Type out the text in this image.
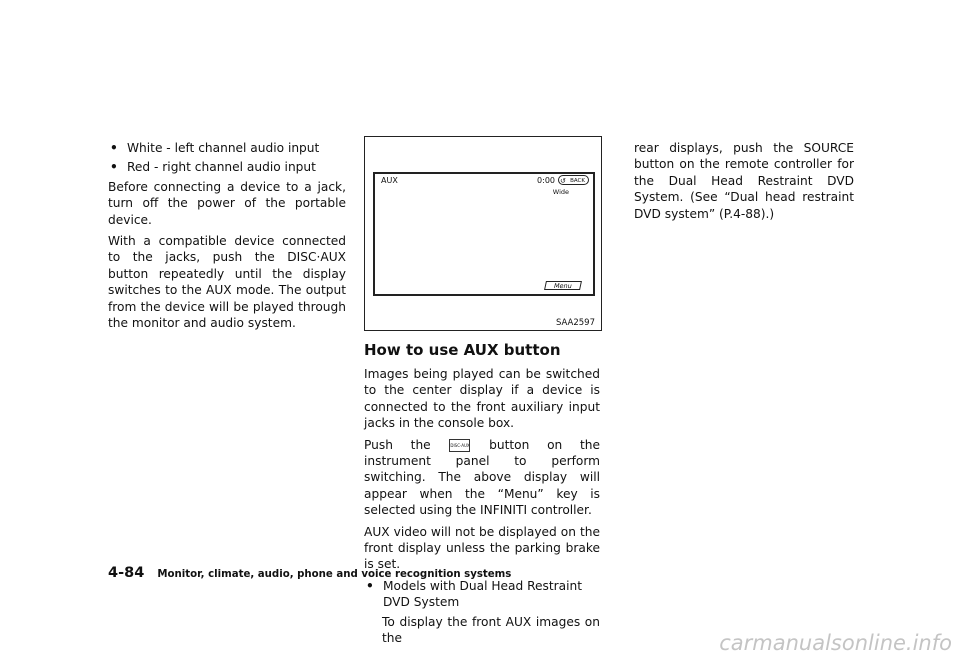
• White - left channel audio input
• Red - right channel audio input

Before connecting a device to a jack, turn off the power of the portable device.

With a compatible device connected to the jacks, push the DISC·AUX button repeatedly until the display switches to the AUX mode. The output from the device will be played through the monitor and audio system.

AUX	0:00 ↺ BACK
Wide
Menu
SAA2597
How to use AUX button

Images being played can be switched to the center display if a device is connected to the front auxiliary input jacks in the console box.

Push the	DISC·AUX button on the instrument panel to perform switching. The above display will appear when the “Menu” key is selected using the INFINITI controller.

AUX video will not be displayed on the front display unless the parking brake is set.

• Models with Dual Head Restraint DVD System

To display the front AUX images on the

rear displays, push the SOURCE button on the remote controller for the Dual Head Restraint DVD System. (See “Dual head restraint DVD system” (P.4-88).)

4-84 Monitor, climate, audio, phone and voice recognition systems
carmanualsonline.info
